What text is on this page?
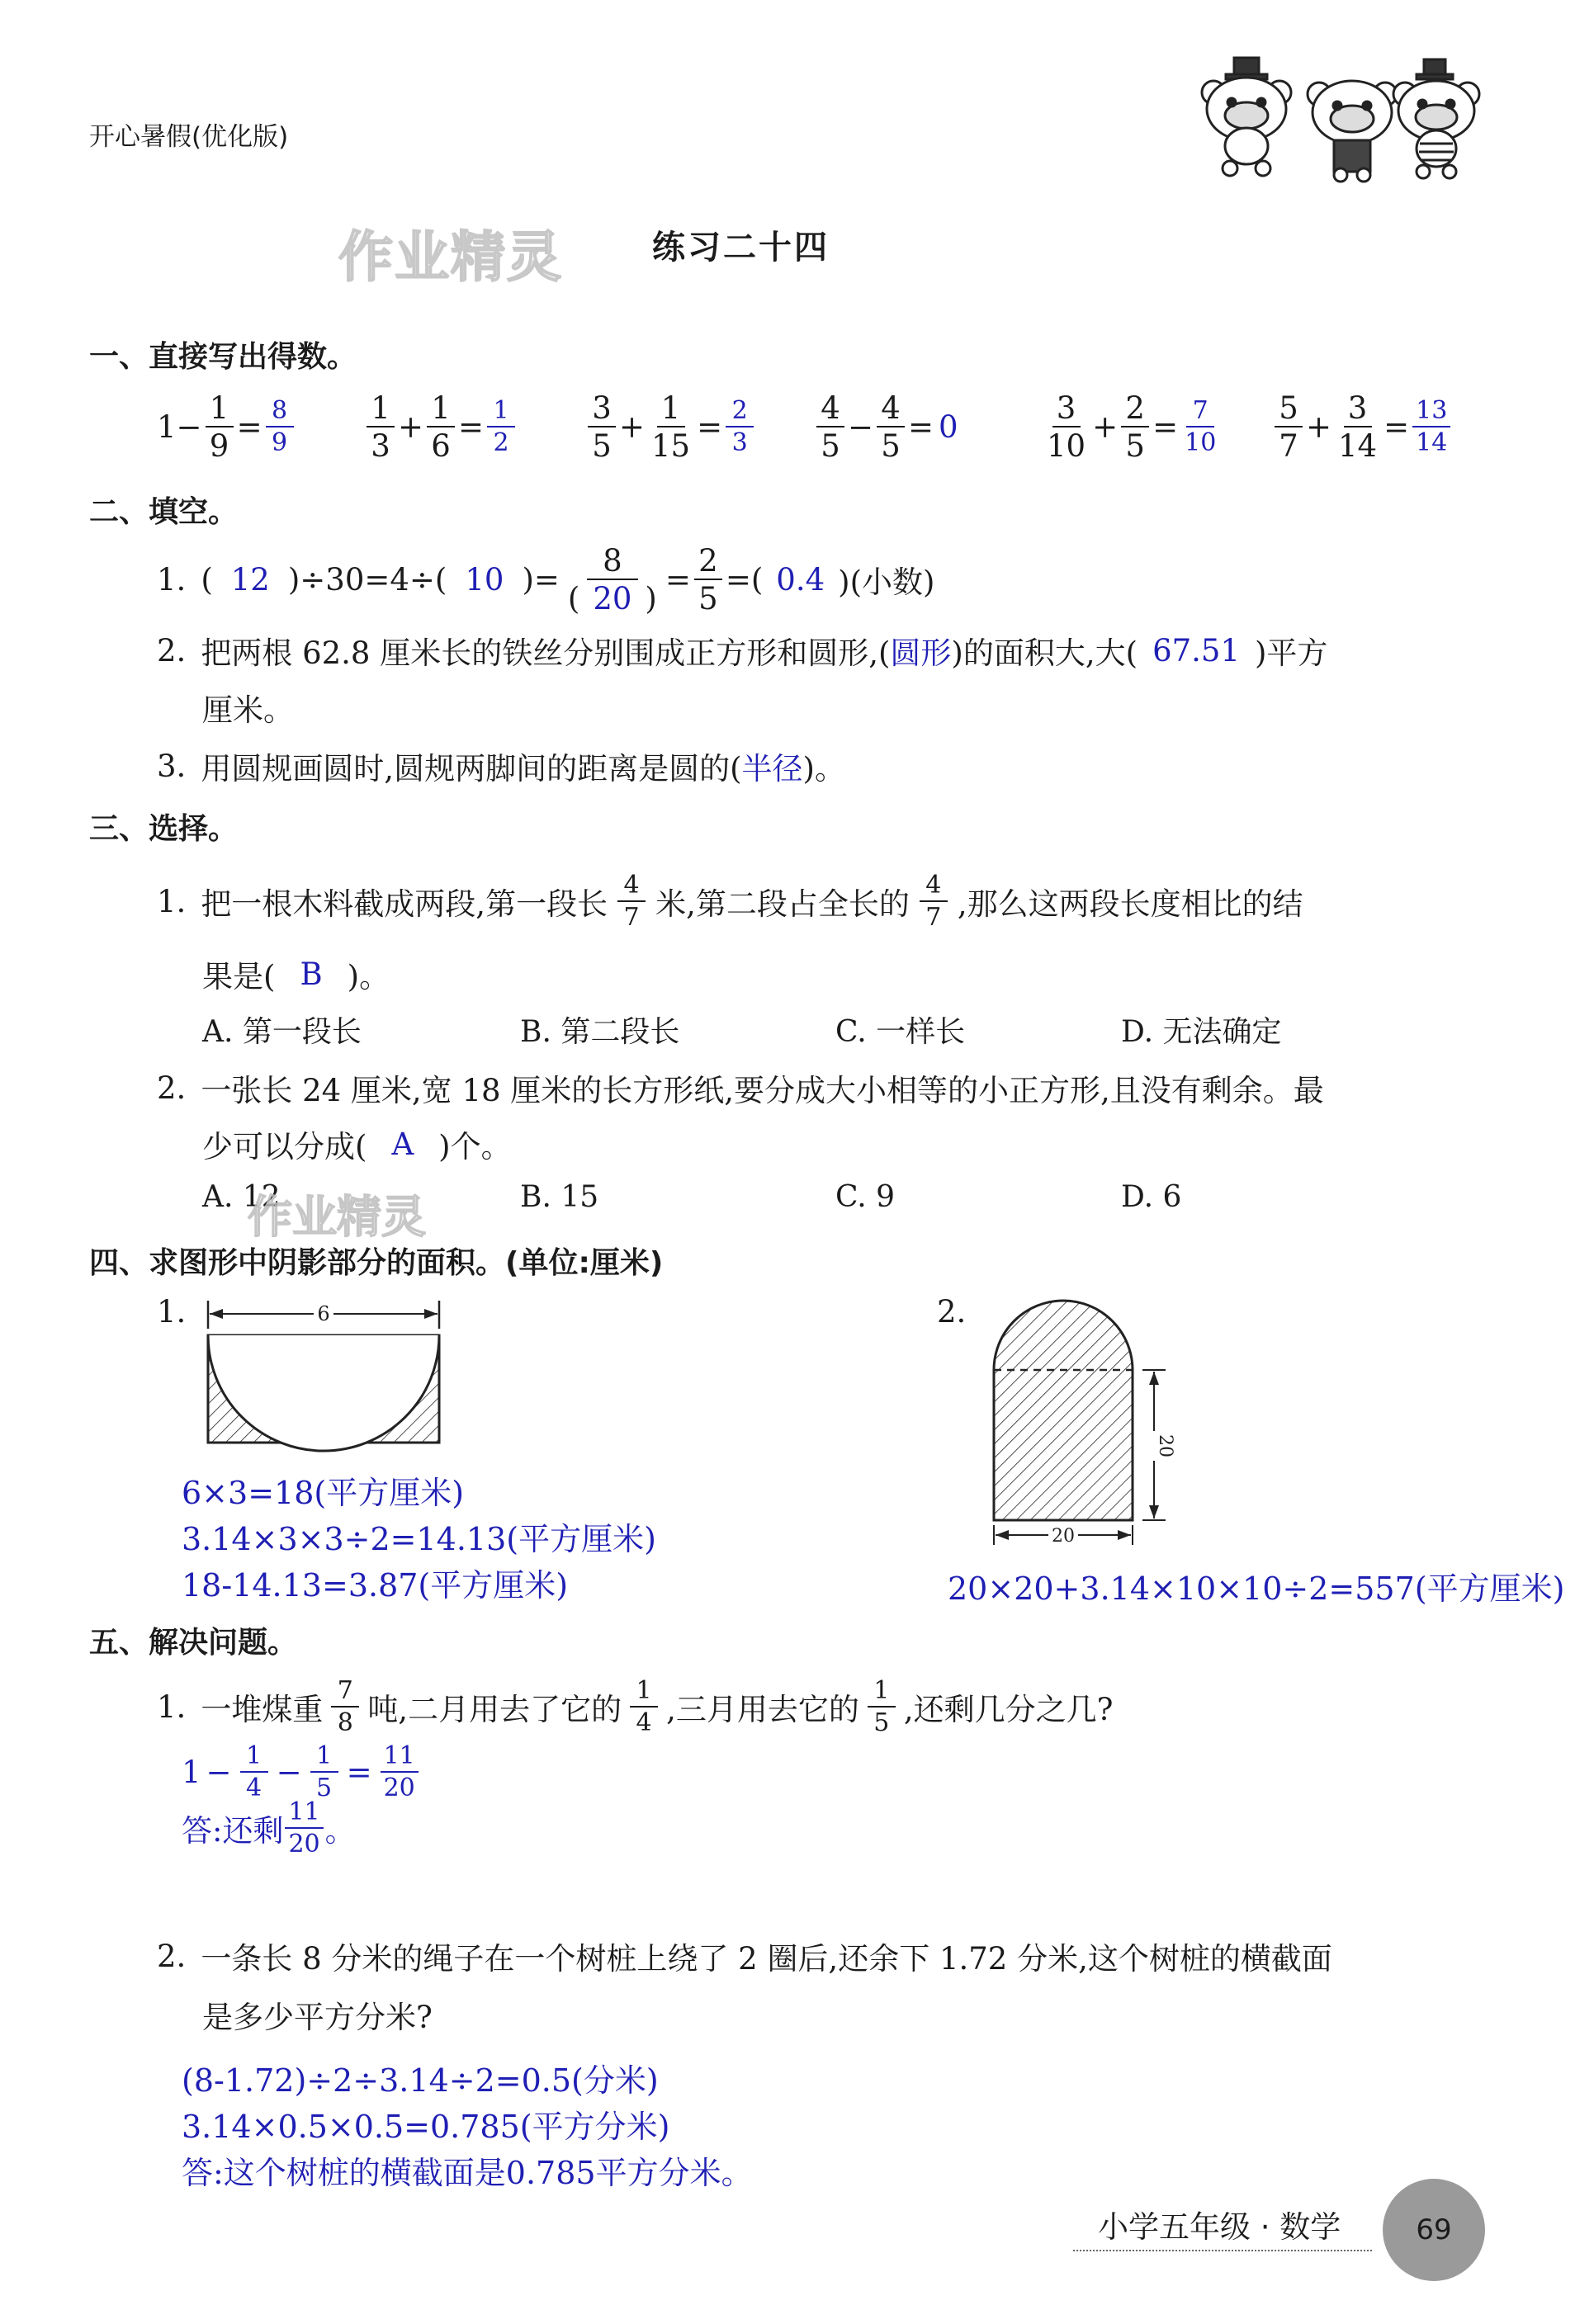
开心暑假(优化版)
作业精灵	练习二十四
一、直接写出得数。
$1 - \frac{1}{9} = \frac{8}{9} \frac{1}{3} + \frac{1}{6} = \frac{1}{2} \frac{3}{5} + \frac{1}{15} = \frac{2}{3} \frac{4}{5} - \frac{4}{5} = 0$	$\frac{3}{10} + \frac{2}{5} = \frac{7}{10} \frac{5}{7} + \frac{3}{14} = \frac{13}{14}$
二、填空。
1. ( 12 )÷30=4÷( 10 )= $\frac{8}{( 20 )} = \frac{2}{5}$ =( 0.4 )(小数)
2. 把两根 62.8 厘米长的铁丝分别围成正方形和圆形,( 圆形 )的面积大,大( 67.51 )平方
厘米。
3. 用圆规画圆时,圆规两脚间的距离是圆的( 半径 )。
三、选择。
1. 把一根木料截成两段,第一段长 $\frac{4}{7}$ 米,第二段占全长的 $\frac{4}{7}$ ,那么这两段长度相比的结
果是( B )。
A. 第一段长	B. 第二段长	C. 一样长	D. 无法确定
2. 一张长 24 厘米,宽 18 厘米的长方形纸,要分成大小相等的小正方形,且没有剩余。最
少可以分成( A )个。
A. 12	B. 15	C. 9	D. 6
作业精灵
四、求图形中阴影部分的面积。(单位:厘米)
1.	6
6×3=18(平方厘米)
3.14×3×3÷2=14.13(平方厘米)
18-14.13=3.87(平方厘米)
2.
20
20
20×20+3.14×10×10÷2=557(平方厘米)
五、解决问题。
1. 一堆煤重 $\frac{7}{8}$ 吨,二月用去了它的 $\frac{1}{4}$ ,三月用去它的 $\frac{1}{5}$ ,还剩几分之几?
$1 - \frac{1}{4} - \frac{1}{5} = \frac{11}{20}$
答:还剩 $\frac{11}{20}$ 。
2. 一条长 8 分米的绳子在一个树桩上绕了 2 圈后,还余下 1.72 分米,这个树桩的横截面
是多少平方分米?
(8-1.72)÷2÷3.14÷2=0.5(分米)
3.14×0.5×0.5=0.785(平方分米)
答:这个树桩的横截面是0.785平方分米。
小学五年级 · 数学	69
